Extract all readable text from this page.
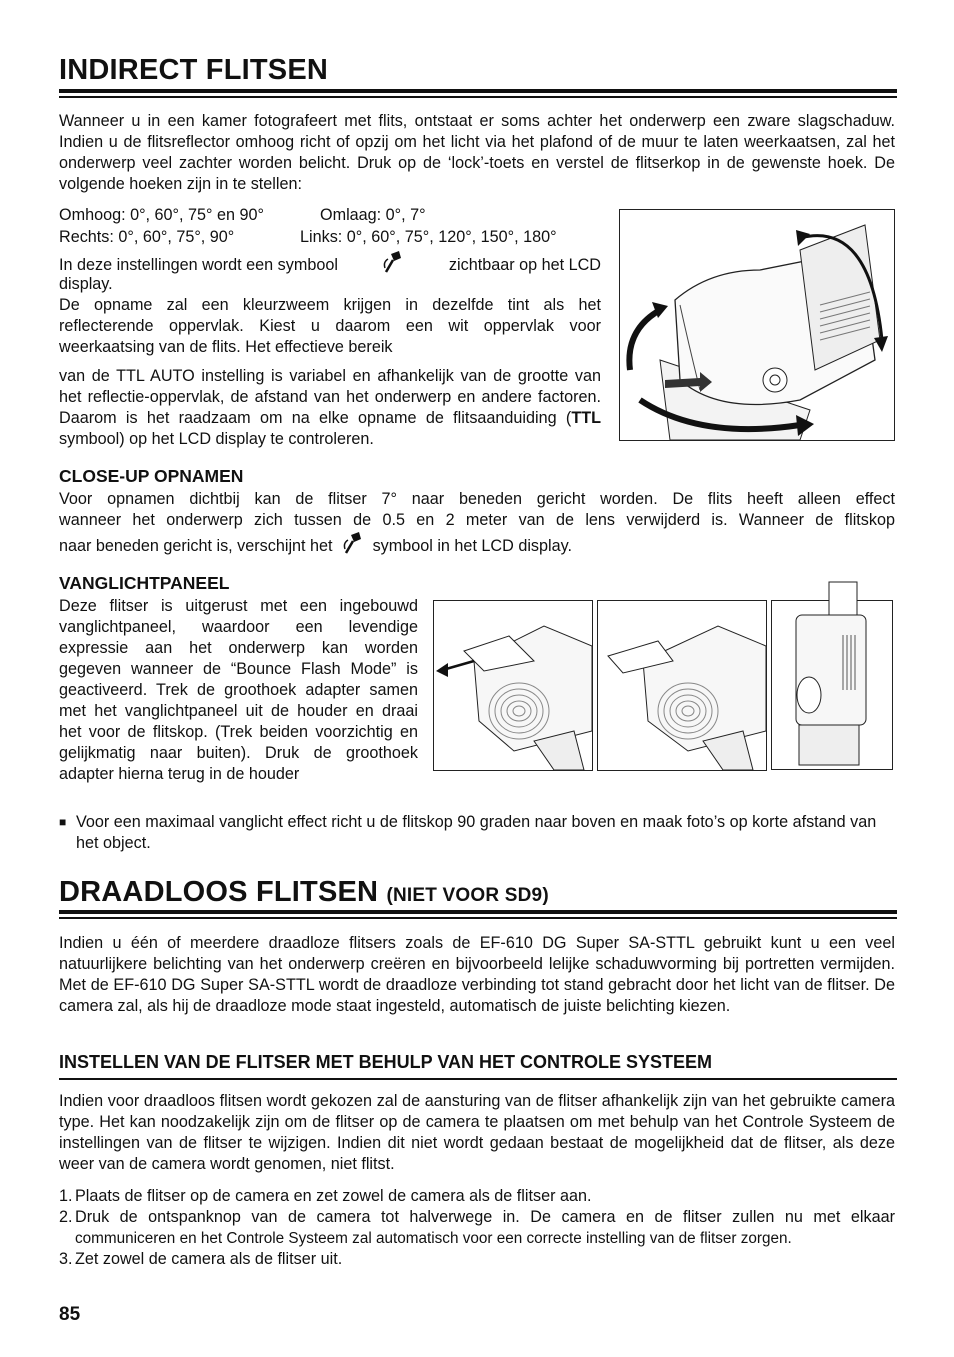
INDIRECT FLITSEN

Wanneer u in een kamer fotografeert met flits, ontstaat er soms achter het onderwerp een zware slagschaduw. Indien u de flitsreflector omhoog richt of opzij om het licht via het plafond of de muur te laten weerkaatsen, zal het onderwerp veel zachter worden belicht. Druk op de ‘lock’-toets en verstel de flitserkop in de gewenste hoek. De volgende hoeken zijn in te stellen:

Omhoog: 0°, 60°, 75° en 90°	Omlaag: 0°, 7°
Rechts: 0°, 60°, 75°, 90°	Links: 0°, 60°, 75°, 120°, 150°, 180°
In deze instellingen wordt een symbool	zichtbaar op het LCD
display.

De opname zal een kleurzweem krijgen in dezelfde tint als het reflecterende oppervlak. Kiest u daarom een wit oppervlak voor weerkaatsing van de flits. Het effectieve bereik

van de TTL AUTO instelling is variabel en afhankelijk van de grootte van het reflectie-oppervlak, de afstand van het onderwerp en andere factoren. Daarom is het raadzaam om na elke opname de flitsaanduiding (TTL symbool) op het LCD display te controleren.

CLOSE-UP OPNAMEN
Voor opnamen dichtbij kan de flitser 7° naar beneden gericht worden. De flits heeft alleen effect
wanneer het onderwerp zich tussen de 0.5 en 2 meter van de lens verwijderd is. Wanneer de flitskop
naar beneden gericht is, verschijnt het symbool in het LCD display.
VANGLICHTPANEEL

Deze flitser is uitgerust met een ingebouwd vanglichtpaneel, waardoor een levendige expressie aan het onderwerp kan worden gegeven wanneer de “Bounce Flash Mode” is geactiveerd. Trek de groothoek adapter samen met het vanglichtpaneel uit de houder en draai het voor de flitskop. (Trek beiden voorzichtig en gelijkmatig naar buiten). Druk de groothoek adapter hierna terug in de houder

■ Voor een maximaal vanglicht effect richt u de flitskop 90 graden naar boven en maak foto’s op korte afstand van het object.
DRAADLOOS FLITSEN (NIET VOOR SD9)

Indien u één of meerdere draadloze flitsers zoals de EF-610 DG Super SA-STTL gebruikt kunt u een veel natuurlijkere belichting van het onderwerp creëren en bijvoorbeeld lelijke schaduwvorming bij portretten vermijden. Met de EF-610 DG Super SA-STTL wordt de draadloze verbinding tot stand gebracht door het licht van de flitser. De camera zal, als hij de draadloze mode staat ingesteld, automatisch de juiste belichting kiezen.

INSTELLEN VAN DE FLITSER MET BEHULP VAN HET CONTROLE SYSTEEM

Indien voor draadloos flitsen wordt gekozen zal de aansturing van de flitser afhankelijk zijn van het gebruikte camera type. Het kan noodzakelijk zijn om de flitser op de camera te plaatsen om met behulp van het Controle Systeem de instellingen van de flitser te wijzigen. Indien dit niet wordt gedaan bestaat de mogelijkheid dat de flitser, als deze weer van de camera wordt genomen, niet flitst.

1. Plaats de flitser op de camera en zet zowel de camera als de flitser aan.
2. Druk de ontspanknop van de camera tot halverwege in. De camera en de flitser zullen nu met elkaar
communiceren en het Controle Systeem zal automatisch voor een correcte instelling van de flitser zorgen.
3. Zet zowel de camera als de flitser uit.
85
